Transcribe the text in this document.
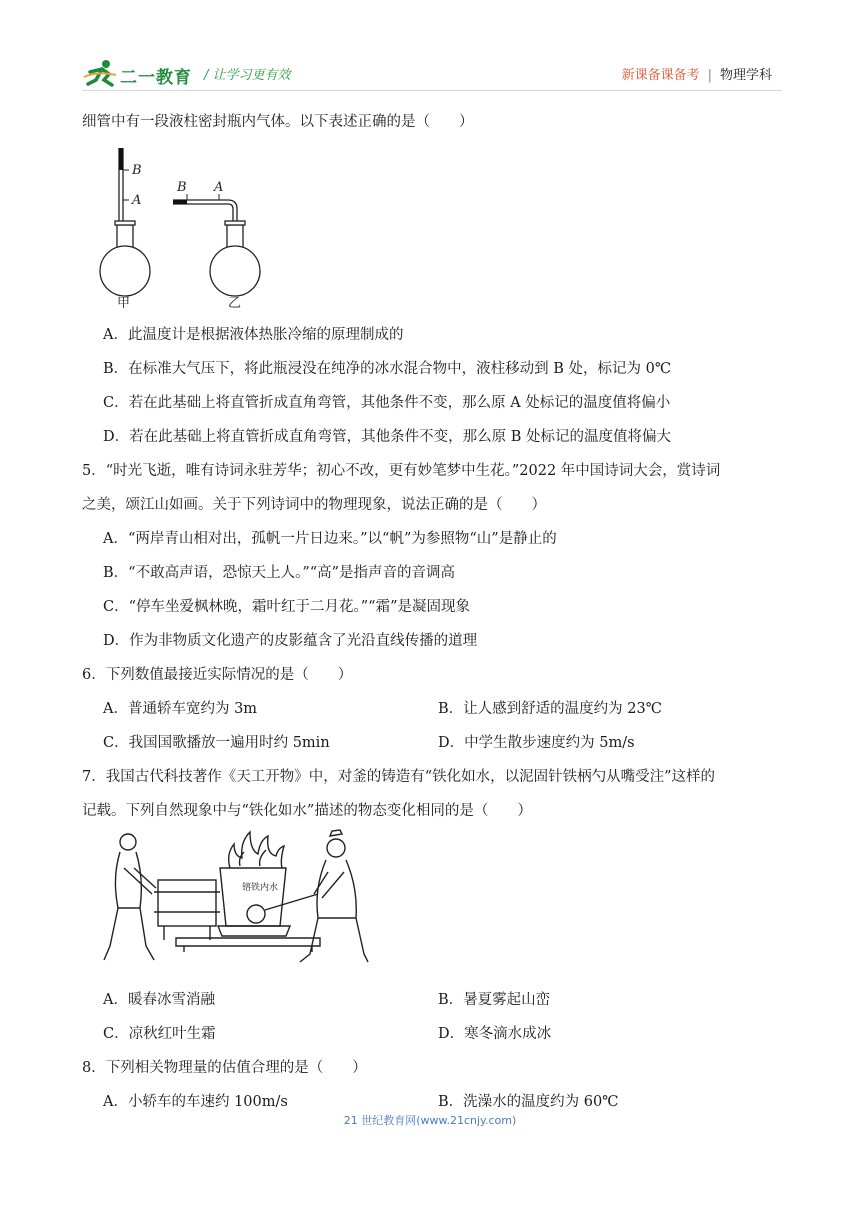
二一教育 / 让学习更有效	新课备课备考 | 物理学科
细管中有一段液柱密封瓶内气体。以下表述正确的是（　　）
B
A
B A
甲	乙
A．此温度计是根据液体热胀冷缩的原理制成的
B．在标准大气压下，将此瓶浸没在纯净的冰水混合物中，液柱移动到 B 处，标记为 0℃
C．若在此基础上将直管折成直角弯管，其他条件不变，那么原 A 处标记的温度值将偏小
D．若在此基础上将直管折成直角弯管，其他条件不变，那么原 B 处标记的温度值将偏大
5．“时光飞逝，唯有诗词永驻芳华；初心不改，更有妙笔梦中生花。”2022 年中国诗词大会，赏诗词
之美，颂江山如画。关于下列诗词中的物理现象，说法正确的是（　　）
A．“两岸青山相对出，孤帆一片日边来。”以“帆”为参照物“山”是静止的
B．“不敢高声语，恐惊天上人。”“高”是指声音的音调高
C．“停车坐爱枫林晚，霜叶红于二月花。”“霜”是凝固现象
D．作为非物质文化遗产的皮影蕴含了光沿直线传播的道理
6．下列数值最接近实际情况的是（　　）
A．普通轿车宽约为 3m	B．让人感到舒适的温度约为 23℃
C．我国国歌播放一遍用时约 5min	D．中学生散步速度约为 5m/s
7．我国古代科技著作《天工开物》中，对釜的铸造有“铁化如水，以泥固针铁柄勺从嘴受注”这样的
记载。下列自然现象中与“铁化如水”描述的物态变化相同的是（　　）
镕铁内水
A．暖春冰雪消融	B．暑夏雾起山峦
C．凉秋红叶生霜	D．寒冬滴水成冰
8．下列相关物理量的估值合理的是（　　）
A．小轿车的车速约 100m/s	B．洗澡水的温度约为 60℃
21 世纪教育网(www.21cnjy.com)
